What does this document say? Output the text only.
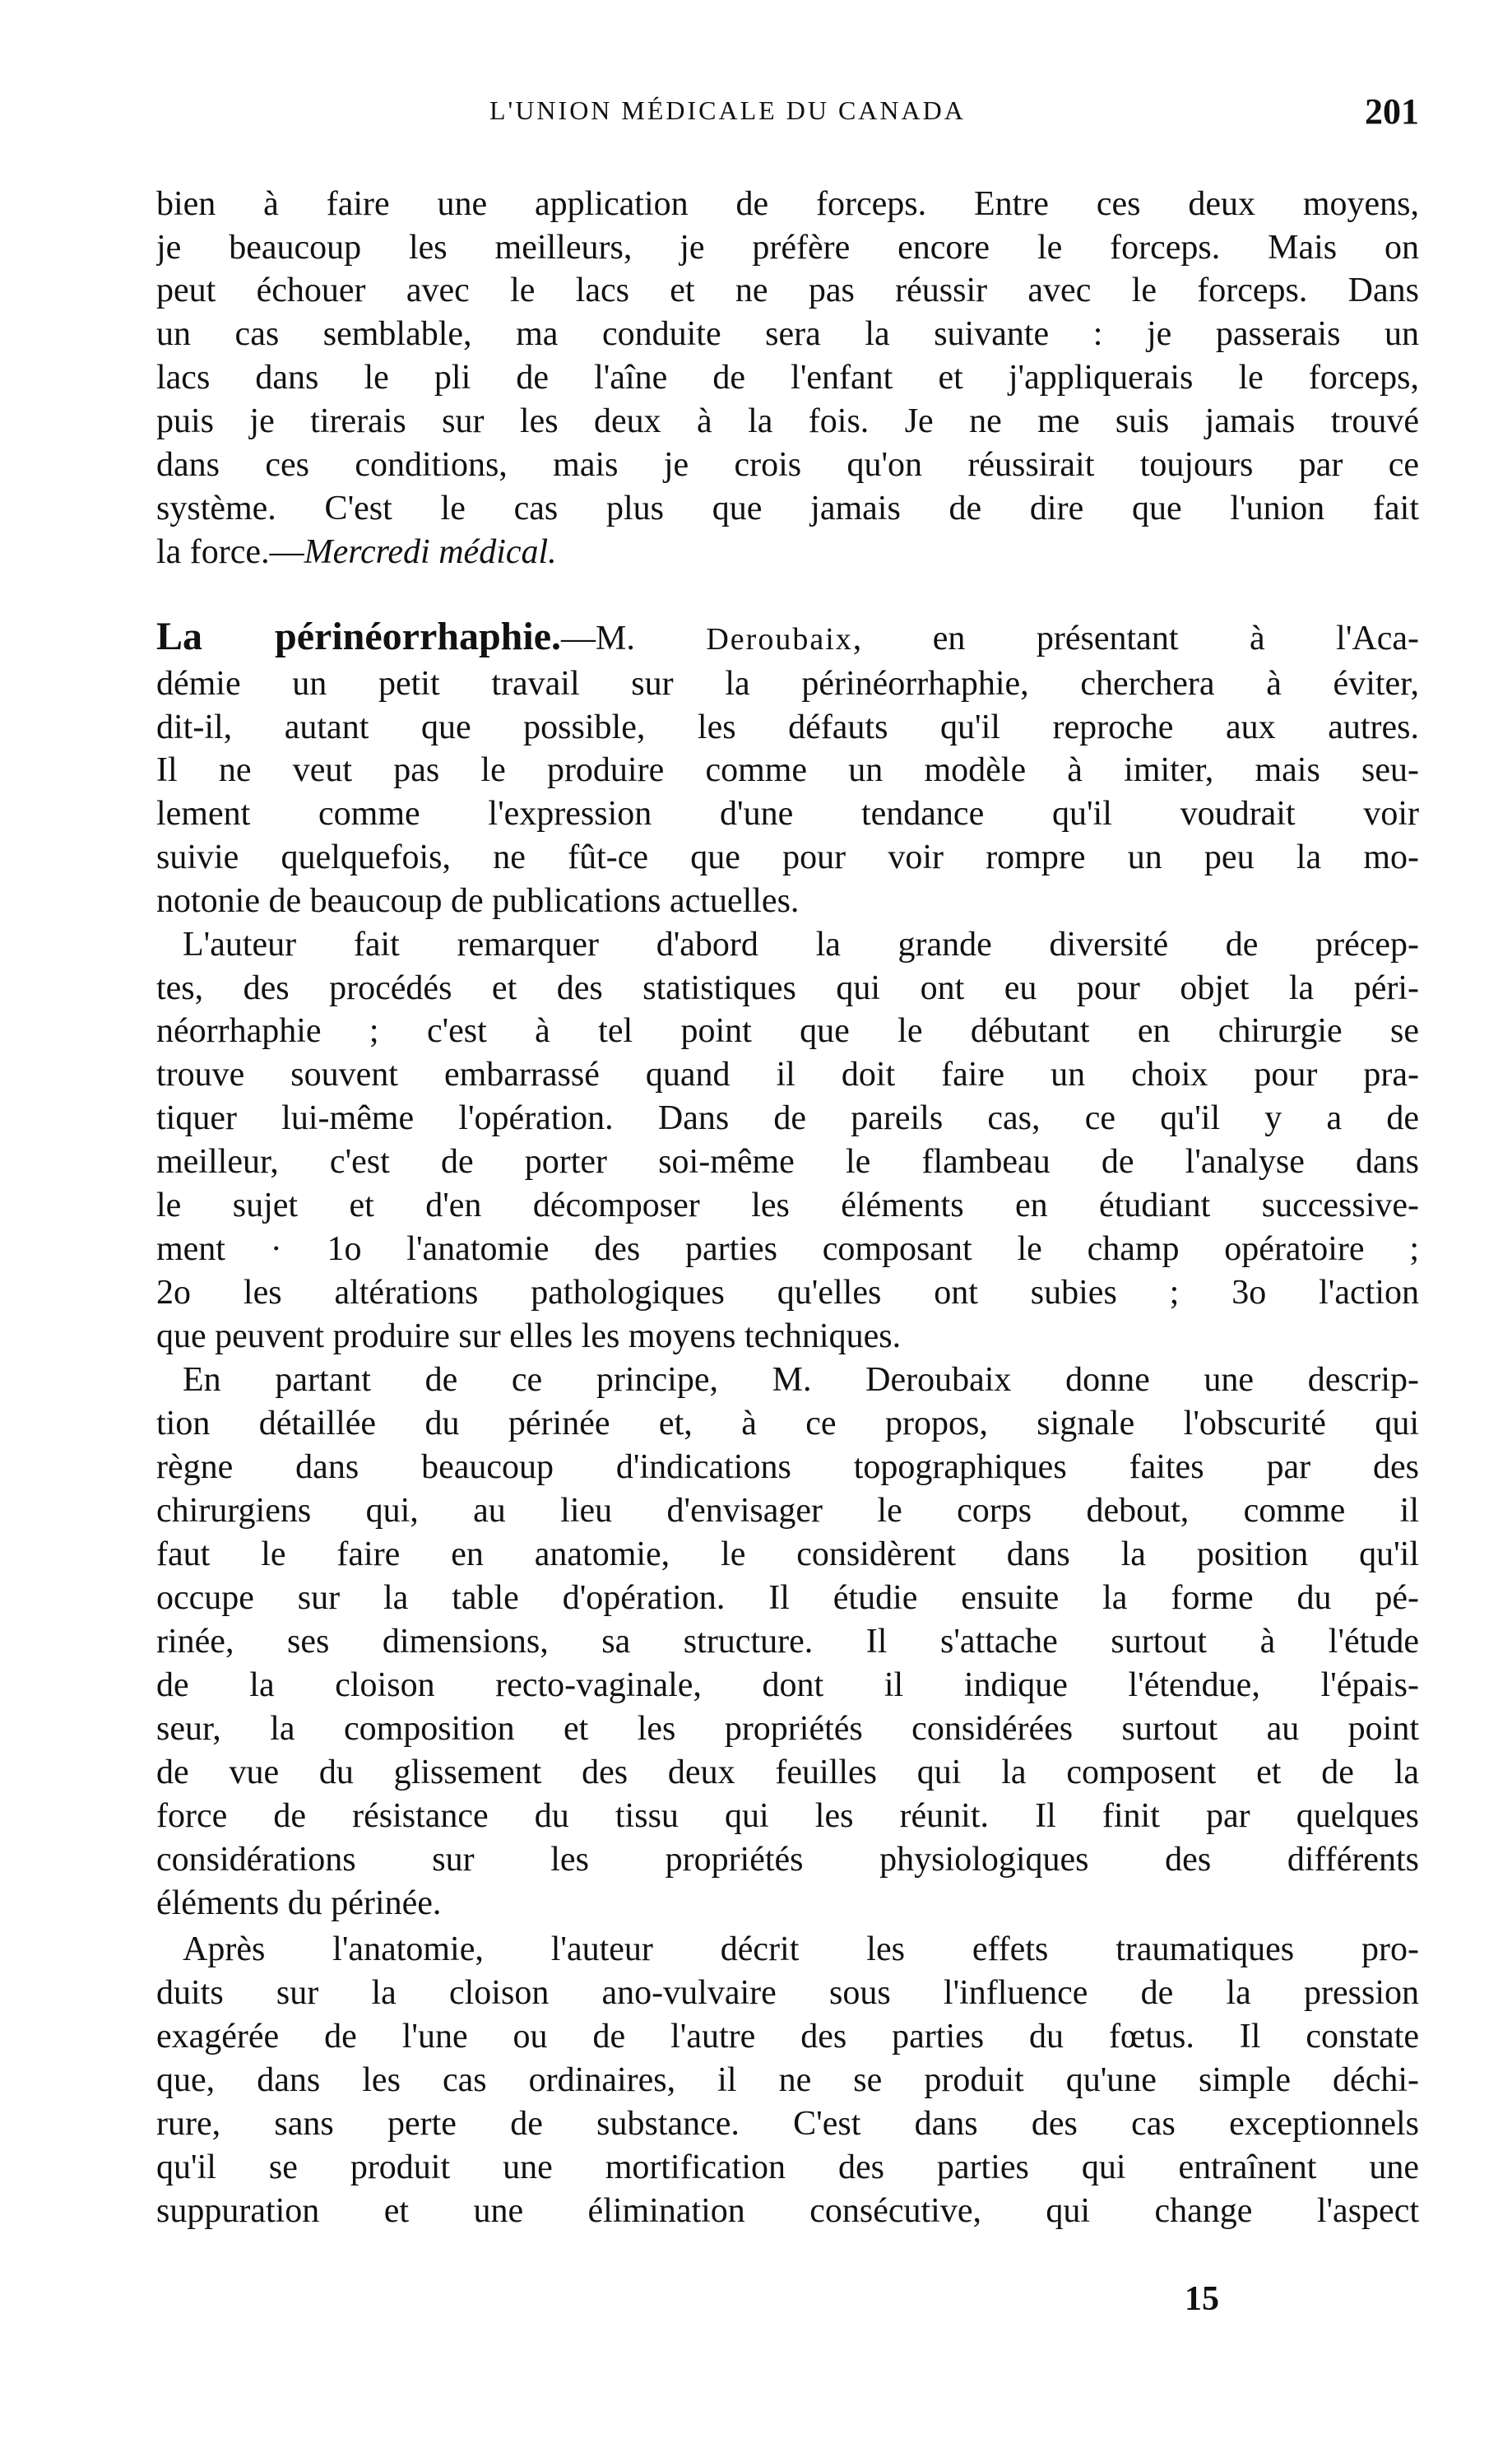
L'UNION MÉDICALE DU CANADA	201
bien à faire une application de forceps. Entre ces deux moyens,
je beaucoup les meilleurs, je préfère encore le forceps. Mais on
peut échouer avec le lacs et ne pas réussir avec le forceps. Dans
un cas semblable, ma conduite sera la suivante : je passerais un
lacs dans le pli de l'aîne de l'enfant et j'appliquerais le forceps,
puis je tirerais sur les deux à la fois. Je ne me suis jamais trouvé
dans ces conditions, mais je crois qu'on réussirait toujours par ce
système. C'est le cas plus que jamais de dire que l'union fait
la force.—Mercredi médical.
La périnéorrhaphie.—M. Deroubaix, en présentant à l'Aca-
démie un petit travail sur la périnéorrhaphie, cherchera à éviter,
dit-il, autant que possible, les défauts qu'il reproche aux autres.
Il ne veut pas le produire comme un modèle à imiter, mais seu-
lement comme l'expression d'une tendance qu'il voudrait voir
suivie quelquefois, ne fût-ce que pour voir rompre un peu la mo-
notonie de beaucoup de publications actuelles.
L'auteur fait remarquer d'abord la grande diversité de précep-
tes, des procédés et des statistiques qui ont eu pour objet la péri-
néorrhaphie ; c'est à tel point que le débutant en chirurgie se
trouve souvent embarrassé quand il doit faire un choix pour pra-
tiquer lui-même l'opération. Dans de pareils cas, ce qu'il y a de
meilleur, c'est de porter soi-même le flambeau de l'analyse dans
le sujet et d'en décomposer les éléments en étudiant successive-
ment · 1o l'anatomie des parties composant le champ opératoire ;
2o les altérations pathologiques qu'elles ont subies ; 3o l'action
que peuvent produire sur elles les moyens techniques.
En partant de ce principe, M. Deroubaix donne une descrip-
tion détaillée du périnée et, à ce propos, signale l'obscurité qui
règne dans beaucoup d'indications topographiques faites par des
chirurgiens qui, au lieu d'envisager le corps debout, comme il
faut le faire en anatomie, le considèrent dans la position qu'il
occupe sur la table d'opération. Il étudie ensuite la forme du pé-
rinée, ses dimensions, sa structure. Il s'attache surtout à l'étude
de la cloison recto-vaginale, dont il indique l'étendue, l'épais-
seur, la composition et les propriétés considérées surtout au point
de vue du glissement des deux feuilles qui la composent et de la
force de résistance du tissu qui les réunit. Il finit par quelques
considérations sur les propriétés physiologiques des différents
éléments du périnée.
Après l'anatomie, l'auteur décrit les effets traumatiques pro-
duits sur la cloison ano-vulvaire sous l'influence de la pression
exagérée de l'une ou de l'autre des parties du fœtus. Il constate
que, dans les cas ordinaires, il ne se produit qu'une simple déchi-
rure, sans perte de substance. C'est dans des cas exceptionnels
qu'il se produit une mortification des parties qui entraînent une
suppuration et une élimination consécutive, qui change l'aspect
15
